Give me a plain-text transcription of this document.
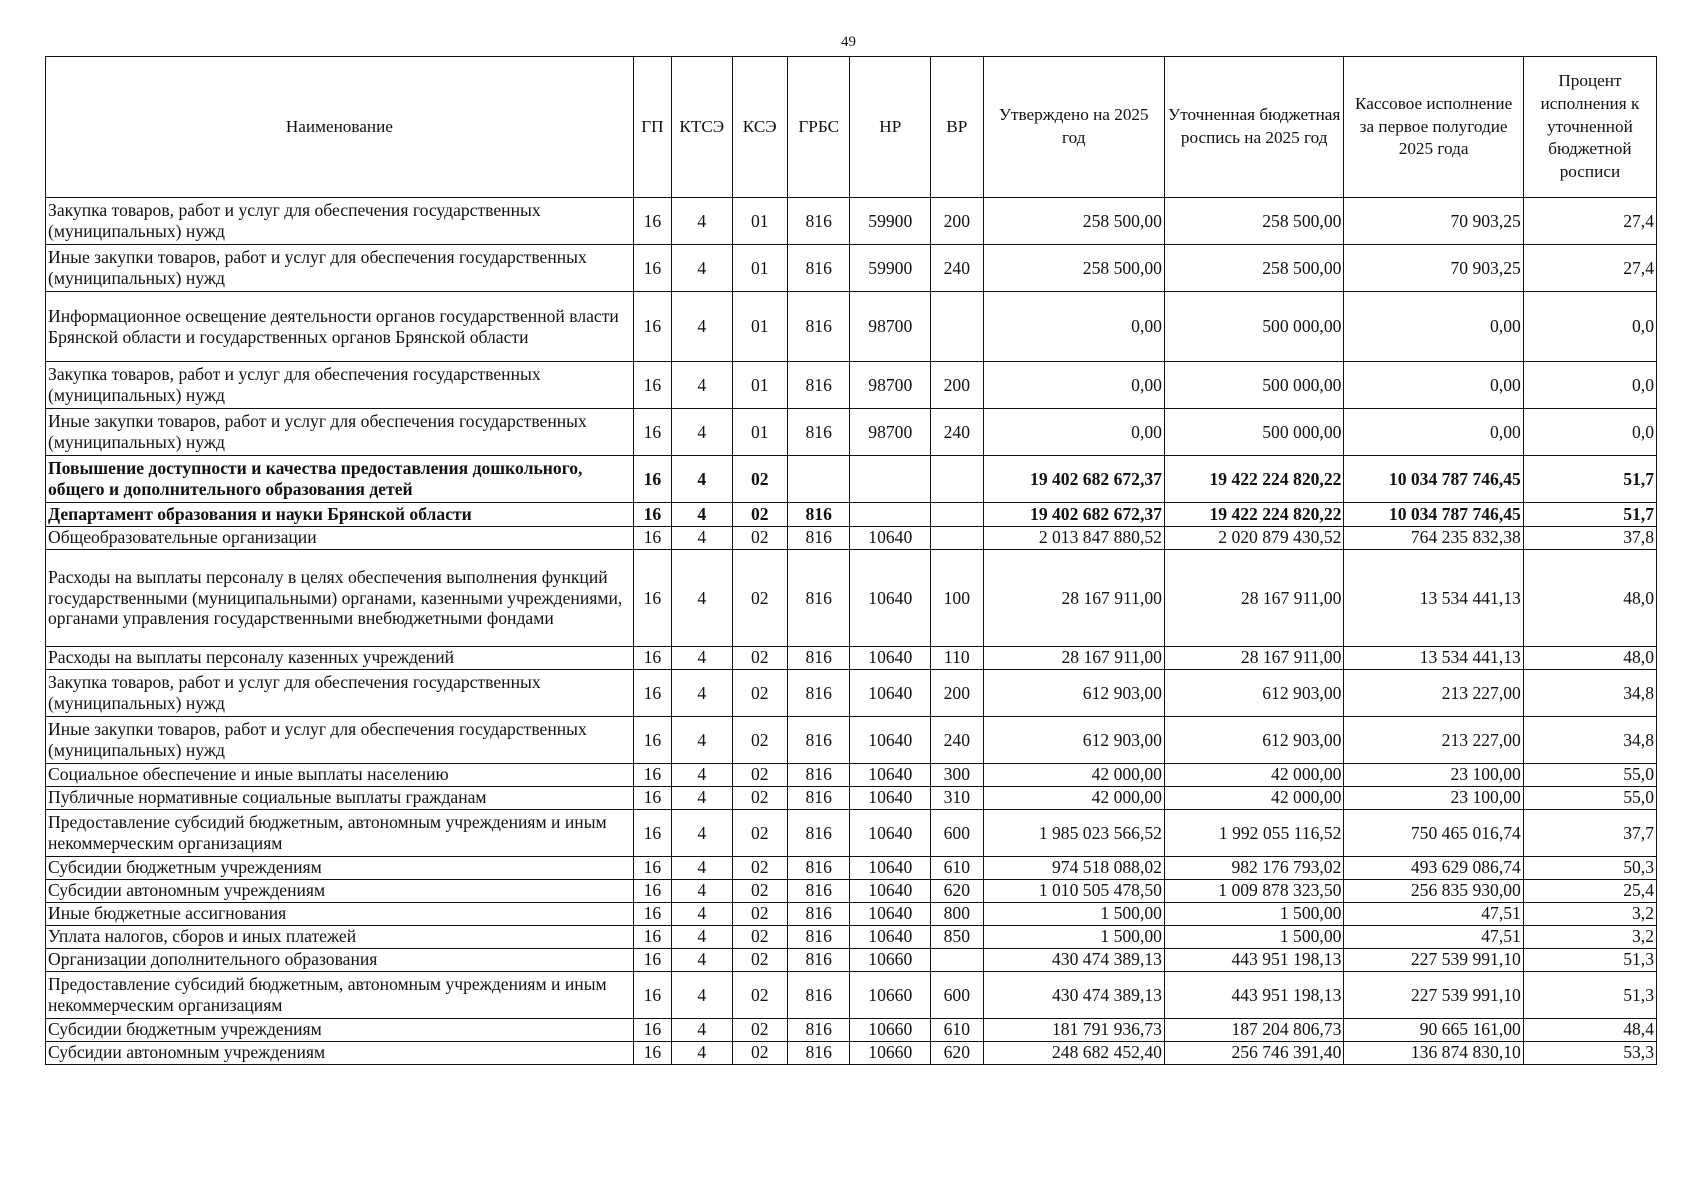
49
Наименование	ГП	КТСЭ	КСЭ	ГРБС	НР	ВР	Утверждено на 2025 год	Уточненная бюджетная роспись на 2025 год	Кассовое исполнение за первое полугодие 2025 года	Процент исполнения к уточненной бюджетной росписи
Закупка товаров, работ и услуг для обеспечения государственных (муниципальных) нужд	16	4	01	816	59900	200	258 500,00	258 500,00	70 903,25	27,4
Иные закупки товаров, работ и услуг для обеспечения государственных (муниципальных) нужд	16	4	01	816	59900	240	258 500,00	258 500,00	70 903,25	27,4
Информационное освещение деятельности органов государственной власти Брянской области и государственных органов Брянской области	16	4	01	816	98700		0,00	500 000,00	0,00	0,0
Закупка товаров, работ и услуг для обеспечения государственных (муниципальных) нужд	16	4	01	816	98700	200	0,00	500 000,00	0,00	0,0
Иные закупки товаров, работ и услуг для обеспечения государственных (муниципальных) нужд	16	4	01	816	98700	240	0,00	500 000,00	0,00	0,0
Повышение доступности и качества предоставления дошкольного, общего и дополнительного образования детей	16	4	02				19 402 682 672,37	19 422 224 820,22	10 034 787 746,45	51,7
Департамент образования и науки Брянской области	16	4	02	816			19 402 682 672,37	19 422 224 820,22	10 034 787 746,45	51,7
Общеобразовательные организации	16	4	02	816	10640		2 013 847 880,52	2 020 879 430,52	764 235 832,38	37,8
Расходы на выплаты персоналу в целях обеспечения выполнения функций государственными (муниципальными) органами, казенными учреждениями, органами управления государственными внебюджетными фондами	16	4	02	816	10640	100	28 167 911,00	28 167 911,00	13 534 441,13	48,0
Расходы на выплаты персоналу казенных учреждений	16	4	02	816	10640	110	28 167 911,00	28 167 911,00	13 534 441,13	48,0
Закупка товаров, работ и услуг для обеспечения государственных (муниципальных) нужд	16	4	02	816	10640	200	612 903,00	612 903,00	213 227,00	34,8
Иные закупки товаров, работ и услуг для обеспечения государственных (муниципальных) нужд	16	4	02	816	10640	240	612 903,00	612 903,00	213 227,00	34,8
Социальное обеспечение и иные выплаты населению	16	4	02	816	10640	300	42 000,00	42 000,00	23 100,00	55,0
Публичные нормативные социальные выплаты гражданам	16	4	02	816	10640	310	42 000,00	42 000,00	23 100,00	55,0
Предоставление субсидий бюджетным, автономным учреждениям и иным некоммерческим организациям	16	4	02	816	10640	600	1 985 023 566,52	1 992 055 116,52	750 465 016,74	37,7
Субсидии бюджетным учреждениям	16	4	02	816	10640	610	974 518 088,02	982 176 793,02	493 629 086,74	50,3
Субсидии автономным учреждениям	16	4	02	816	10640	620	1 010 505 478,50	1 009 878 323,50	256 835 930,00	25,4
Иные бюджетные ассигнования	16	4	02	816	10640	800	1 500,00	1 500,00	47,51	3,2
Уплата налогов, сборов и иных платежей	16	4	02	816	10640	850	1 500,00	1 500,00	47,51	3,2
Организации дополнительного образования	16	4	02	816	10660		430 474 389,13	443 951 198,13	227 539 991,10	51,3
Предоставление субсидий бюджетным, автономным учреждениям и иным некоммерческим организациям	16	4	02	816	10660	600	430 474 389,13	443 951 198,13	227 539 991,10	51,3
Субсидии бюджетным учреждениям	16	4	02	816	10660	610	181 791 936,73	187 204 806,73	90 665 161,00	48,4
Субсидии автономным учреждениям	16	4	02	816	10660	620	248 682 452,40	256 746 391,40	136 874 830,10	53,3
